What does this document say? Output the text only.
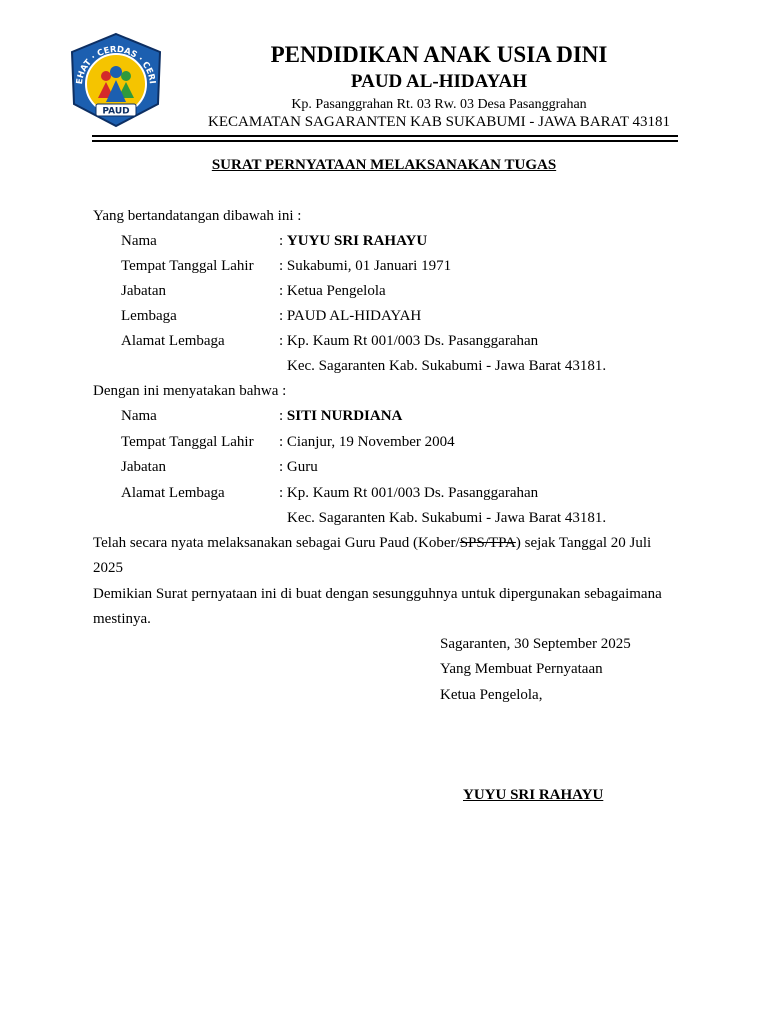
EHAT · CERDAS · CERI
PAUD
PENDIDIKAN ANAK USIA DINI
PAUD AL-HIDAYAH
Kp. Pasanggrahan Rt. 03 Rw. 03 Desa Pasanggrahan
KECAMATAN SAGARANTEN KAB SUKABUMI - JAWA BARAT 43181
SURAT PERNYATAAN MELAKSANAKAN TUGAS
Yang bertandatangan dibawah ini :
Nama	: YUYU SRI RAHAYU
Tempat Tanggal Lahir : Sukabumi, 01 Januari 1971
Jabatan	: Ketua Pengelola
Lembaga	: PAUD AL-HIDAYAH
Alamat Lembaga	: Kp. Kaum Rt 001/003 Ds. Pasanggarahan
Kec. Sagaranten Kab. Sukabumi - Jawa Barat 43181.
Dengan ini menyatakan bahwa :
Nama	: SITI NURDIANA
Tempat Tanggal Lahir : Cianjur, 19 November 2004
Jabatan	: Guru
Alamat Lembaga	: Kp. Kaum Rt 001/003 Ds. Pasanggarahan
Kec. Sagaranten Kab. Sukabumi - Jawa Barat 43181.
Telah secara nyata melaksanakan sebagai Guru Paud (Kober/SPS/TPA) sejak Tanggal 20 Juli
2025
Demikian Surat pernyataan ini di buat dengan sesungguhnya untuk dipergunakan sebagaimana
mestinya.
Sagaranten, 30 September 2025
Yang Membuat Pernyataan
Ketua Pengelola,
YUYU SRI RAHAYU
